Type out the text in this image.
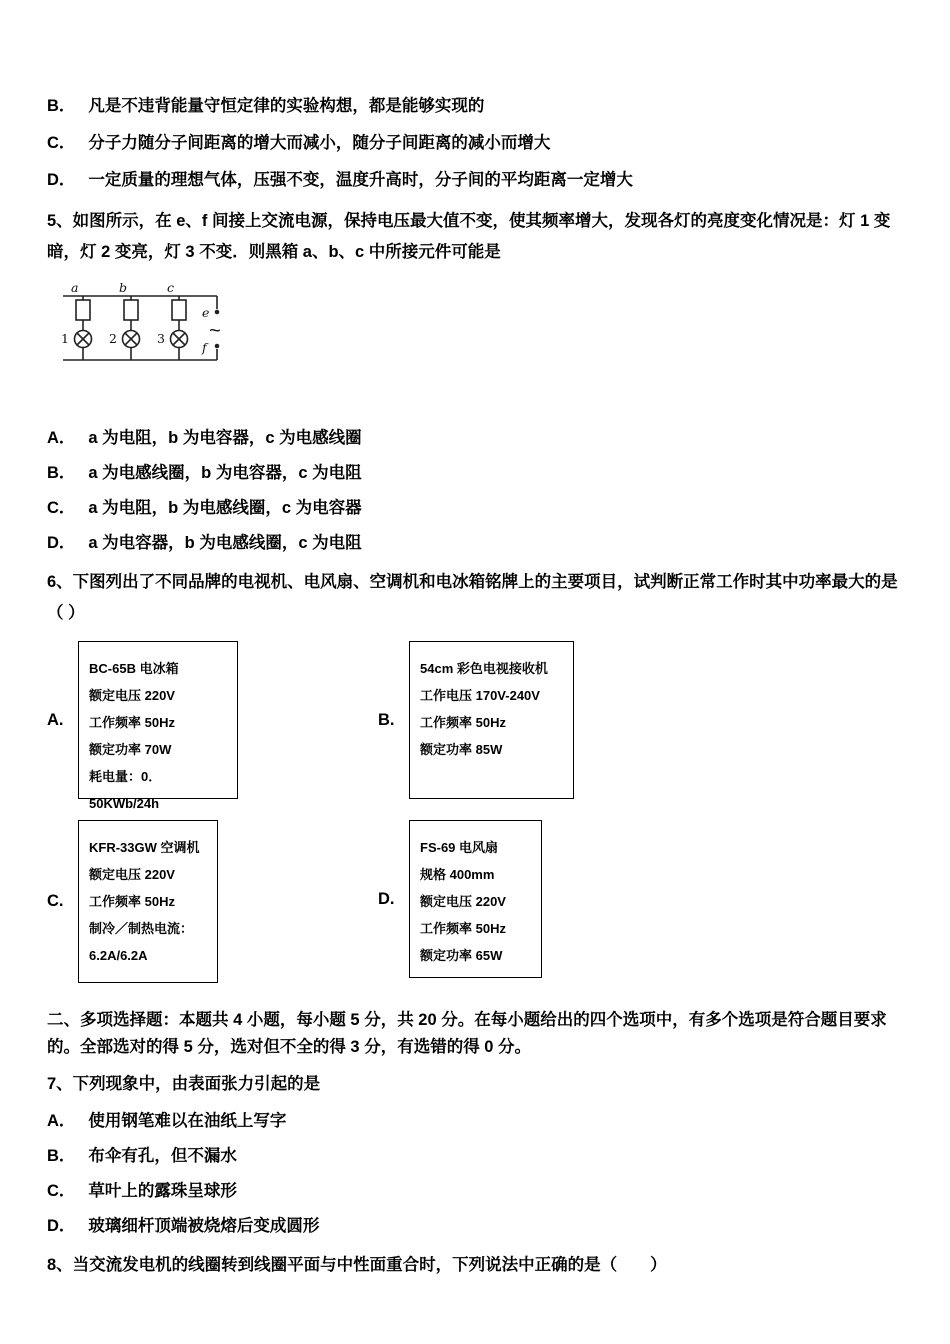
B． 凡是不违背能量守恒定律的实验构想，都是能够实现的
C． 分子力随分子间距离的增大而减小，随分子间距离的减小而增大
D． 一定质量的理想气体，压强不变，温度升高时，分子间的平均距离一定增大

5、如图所示，在 e、f 间接上交流电源，保持电压最大值不变，使其频率增大，发现各灯的亮度变化情况是：灯 1 变暗，灯 2 变亮，灯 3 不变．则黑箱 a、b、c 中所接元件可能是

a	b	c
e
f
1	2	3 ~
A． a 为电阻，b 为电容器，c 为电感线圈
B． a 为电感线圈，b 为电容器，c 为电阻
C． a 为电阻，b 为电感线圈，c 为电容器
D． a 为电容器，b 为电感线圈，c 为电阻

6、下图列出了不同品牌的电视机、电风扇、空调机和电冰箱铭牌上的主要项目，试判断正常工作时其中功率最大的是

（ ）

A.
BC-65B 电冰箱
额定电压 220V
工作频率 50Hz
额定功率 70W
耗电量：0．50KWb/24h
B.
54cm 彩色电视接收机
工作电压 170V-240V
工作频率 50Hz
额定功率 85W
C.
KFR-33GW 空调机
额定电压 220V
工作频率 50Hz
制冷／制热电流：
6.2A/6.2A
D.
FS-69 电风扇
规格 400mm
额定电压 220V
工作频率 50Hz
额定功率 65W

二、多项选择题：本题共 4 小题，每小题 5 分，共 20 分。在每小题给出的四个选项中，有多个选项是符合题目要求的。全部选对的得 5 分，选对但不全的得 3 分，有选错的得 0 分。

7、下列现象中，由表面张力引起的是

A． 使用钢笔难以在油纸上写字
B． 布伞有孔，但不漏水
C． 草叶上的露珠呈球形
D． 玻璃细杆顶端被烧熔后变成圆形

8、当交流发电机的线圈转到线圈平面与中性面重合时，下列说法中正确的是（　　）
